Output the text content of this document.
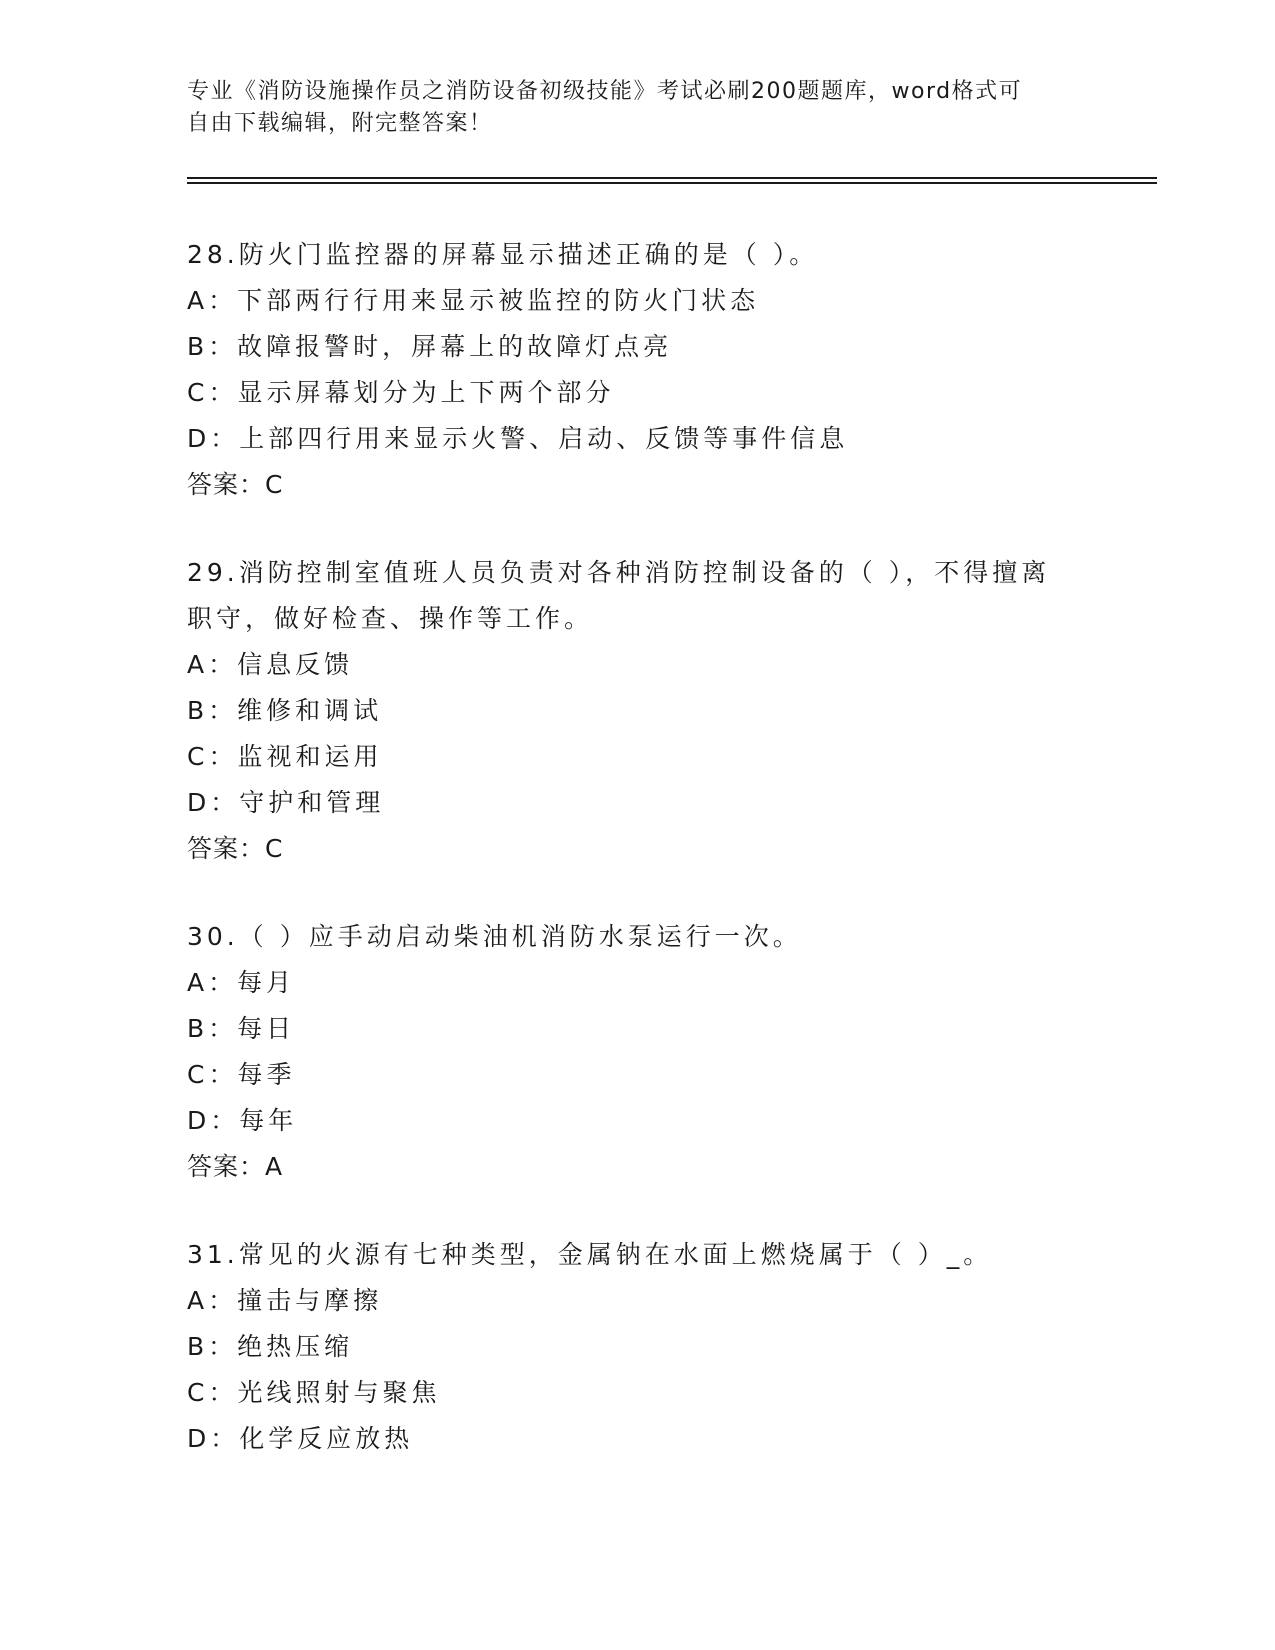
专业《消防设施操作员之消防设备初级技能》考试必刷200题题库，word格式可

自由下载编辑，附完整答案！

28.防火门监控器的屏幕显示描述正确的是（ ）。
A：下部两行行用来显示被监控的防火门状态
B：故障报警时，屏幕上的故障灯点亮
C：显示屏幕划分为上下两个部分
D：上部四行用来显示火警、启动、反馈等事件信息
答案：C
29.消防控制室值班人员负责对各种消防控制设备的（ ），不得擅离职守，做好检查、操作等工作。
A：信息反馈
B：维修和调试
C：监视和运用
D：守护和管理
答案：C
30.（ ）应手动启动柴油机消防水泵运行一次。
A：每月
B：每日
C：每季
D：每年
答案：A
31.常见的火源有七种类型，金属钠在水面上燃烧属于（ ）_。
A：撞击与摩擦
B：绝热压缩
C：光线照射与聚焦
D：化学反应放热
